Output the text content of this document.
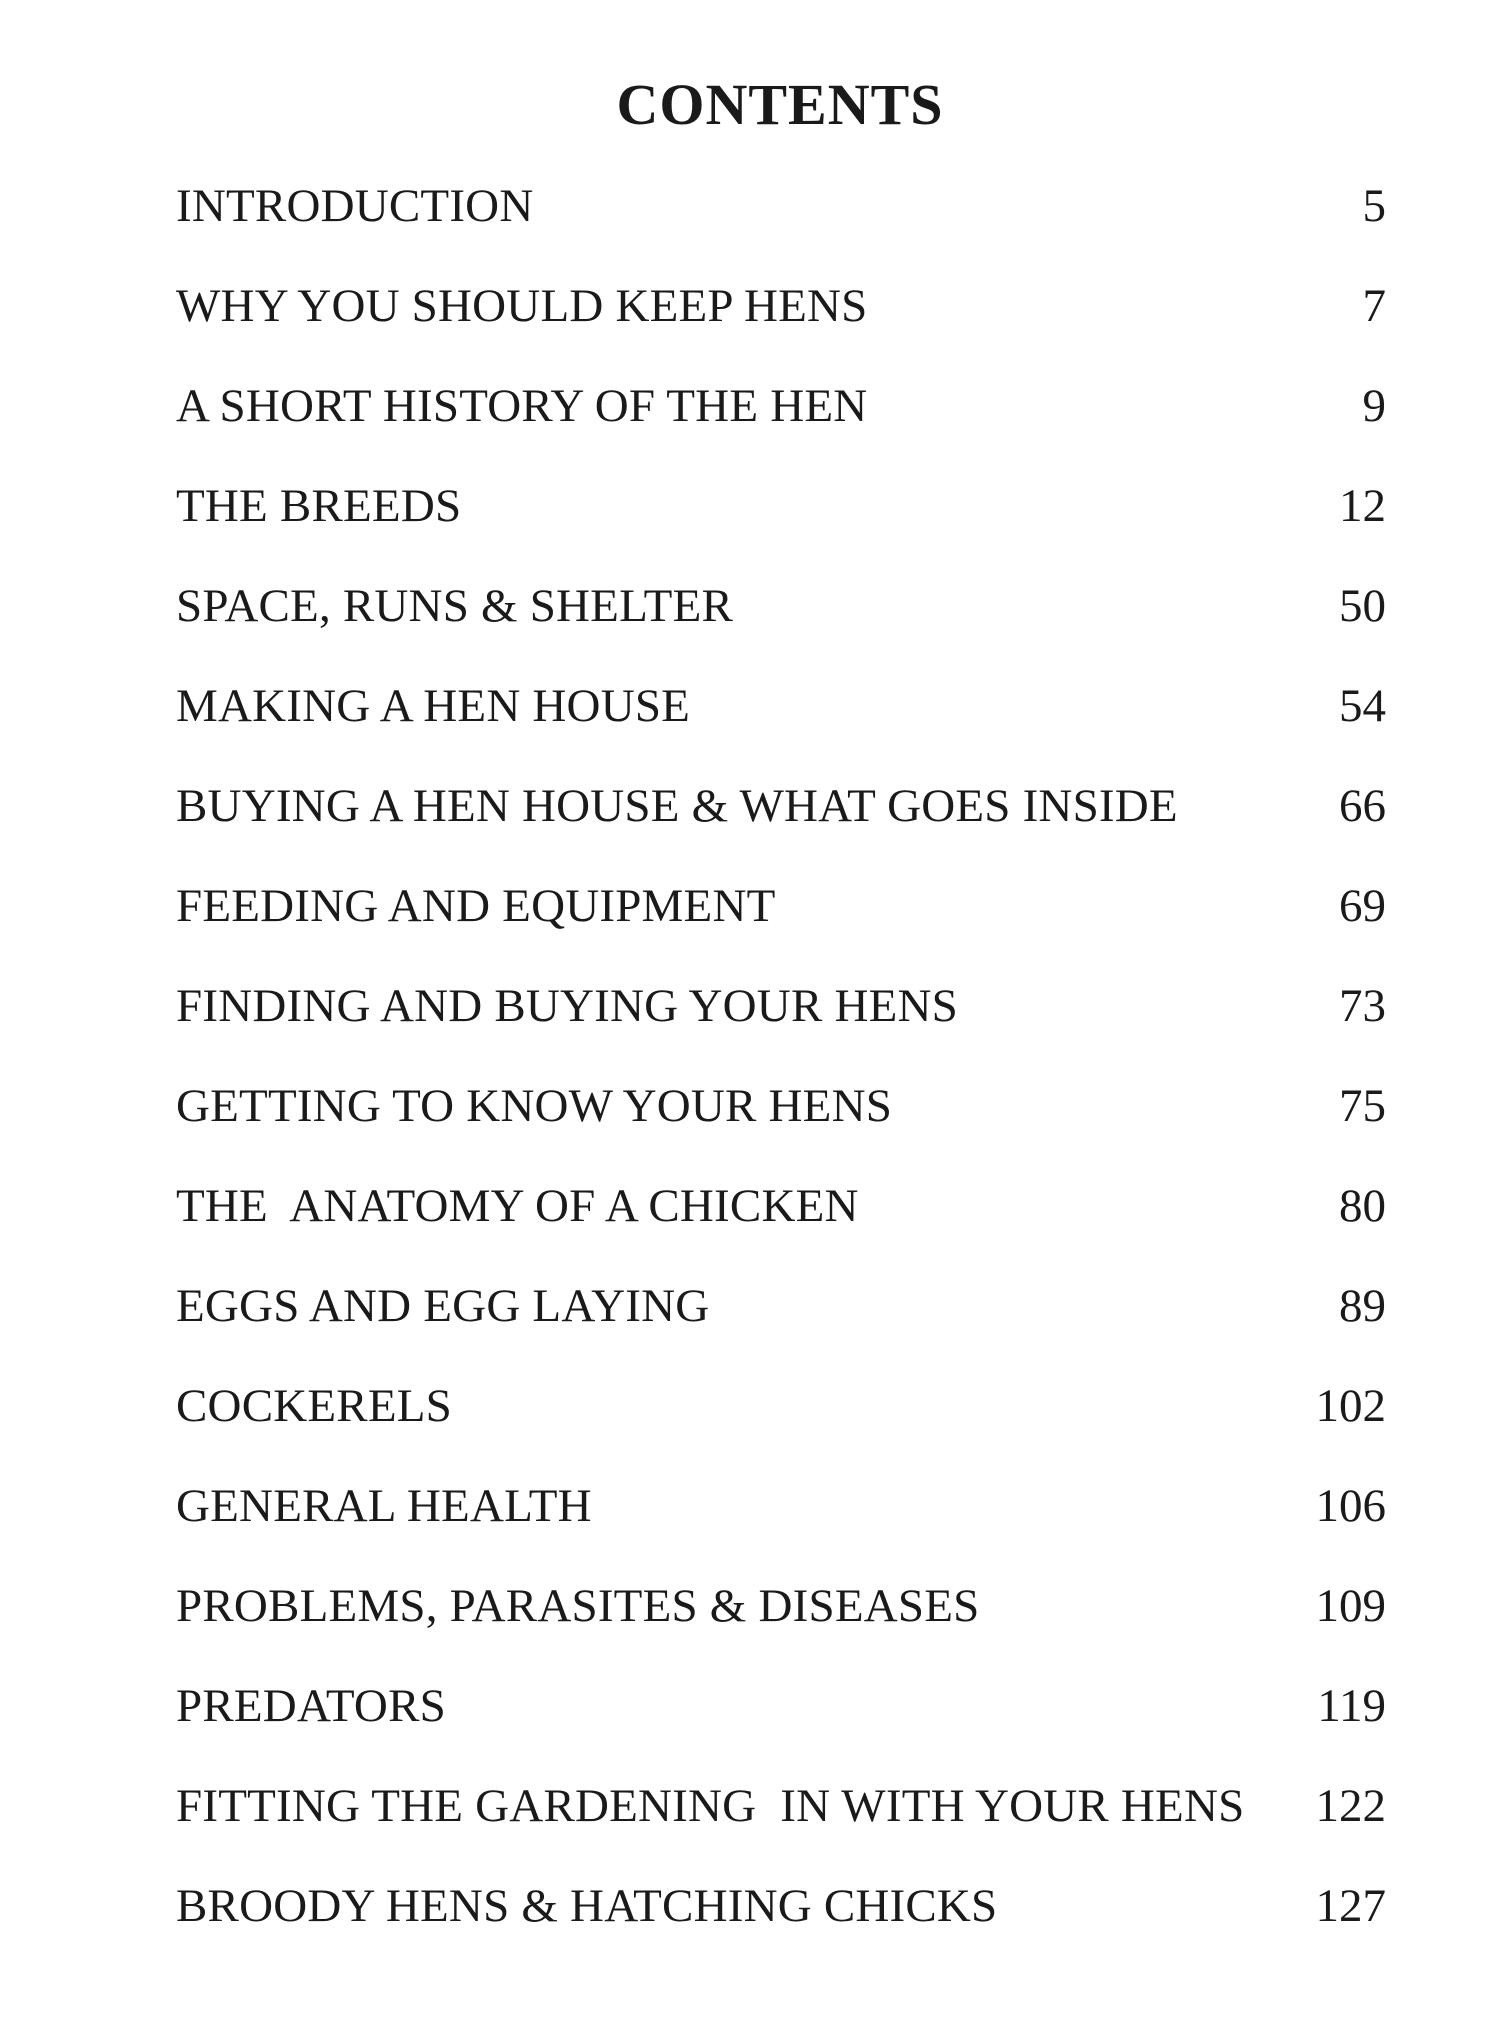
CONTENTS
INTRODUCTION	5
WHY YOU SHOULD KEEP HENS	7
A SHORT HISTORY OF THE HEN	9
THE BREEDS	12
SPACE, RUNS & SHELTER	50
MAKING A HEN HOUSE	54
BUYING A HEN HOUSE & WHAT GOES INSIDE	66
FEEDING AND EQUIPMENT	69
FINDING AND BUYING YOUR HENS	73
GETTING TO KNOW YOUR HENS	75
THE  ANATOMY OF A CHICKEN	80
EGGS AND EGG LAYING	89
COCKERELS	102
GENERAL HEALTH	106
PROBLEMS, PARASITES & DISEASES	109
PREDATORS	119
FITTING THE GARDENING  IN WITH YOUR HENS 122
BROODY HENS & HATCHING CHICKS	127
